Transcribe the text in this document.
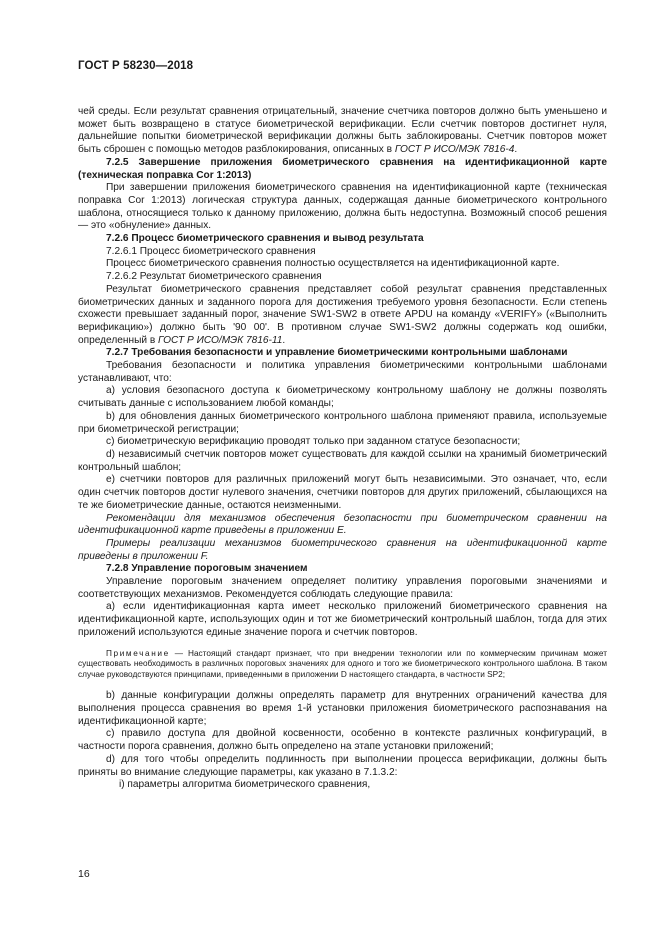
ГОСТ Р 58230—2018

чей среды. Если результат сравнения отрицательный, значение счетчика повторов должно быть уменьшено и может быть возвращено в статусе биометрической верификации. Если счетчик повторов достигнет нуля, дальнейшие попытки биометрической верификации должны быть заблокированы. Счетчик повторов может быть сброшен с помощью методов разблокирования, описанных в ГОСТ Р ИСО/МЭК 7816-4.

7.2.5 Завершение приложения биометрического сравнения на идентификационной карте (техническая поправка Cor 1:2013)

При завершении приложения биометрического сравнения на идентификационной карте (техническая поправка Cor 1:2013) логическая структура данных, содержащая данные биометрического контрольного шаблона, относящиеся только к данному приложению, должна быть недоступна. Возможный способ решения — это «обнуление» данных.

7.2.6 Процесс биометрического сравнения и вывод результата

7.2.6.1 Процесс биометрического сравнения

Процесс биометрического сравнения полностью осуществляется на идентификационной карте.

7.2.6.2 Результат биометрического сравнения

Результат биометрического сравнения представляет собой результат сравнения представленных биометрических данных и заданного порога для достижения требуемого уровня безопасности. Если степень схожести превышает заданный порог, значение SW1-SW2 в ответе APDU на команду «VERIFY» («Выполнить верификацию») должно быть '90 00'. В противном случае SW1-SW2 должны содержать код ошибки, определенный в ГОСТ Р ИСО/МЭК 7816-11.

7.2.7 Требования безопасности и управление биометрическими контрольными шаблонами

Требования безопасности и политика управления биометрическими контрольными шаблонами устанавливают, что:

a) условия безопасного доступа к биометрическому контрольному шаблону не должны позволять считывать данные с использованием любой команды;

b) для обновления данных биометрического контрольного шаблона применяют правила, используемые при биометрической регистрации;

c) биометрическую верификацию проводят только при заданном статусе безопасности;

d) независимый счетчик повторов может существовать для каждой ссылки на хранимый биометрический контрольный шаблон;

e) счетчики повторов для различных приложений могут быть независимыми. Это означает, что, если один счетчик повторов достиг нулевого значения, счетчики повторов для других приложений, сбылающихся на те же биометрические данные, остаются неизменными.

Рекомендации для механизмов обеспечения безопасности при биометрическом сравнении на идентификационной карте приведены в приложении E.

Примеры реализации механизмов биометрического сравнения на идентификационной карте приведены в приложении F.

7.2.8 Управление пороговым значением

Управление пороговым значением определяет политику управления пороговыми значениями и соответствующих механизмов. Рекомендуется соблюдать следующие правила:

a) если идентификационная карта имеет несколько приложений биометрического сравнения на идентификационной карте, использующих один и тот же биометрический контрольный шаблон, тогда для этих приложений используются единые значение порога и счетчик повторов.

Примечание — Настоящий стандарт признает, что при внедрении технологии или по коммерческим причинам может существовать необходимость в различных пороговых значениях для одного и того же биометрического контрольного шаблона. В таком случае руководствуются принципами, приведенными в приложении D настоящего стандарта, в частности SP2;

b) данные конфигурации должны определять параметр для внутренних ограничений качества для выполнения процесса сравнения во время 1-й установки приложения биометрического распознавания на идентификационной карте;

c) правило доступа для двойной косвенности, особенно в контексте различных конфигураций, в частности порога сравнения, должно быть определено на этапе установки приложений;

d) для того чтобы определить подлинность при выполнении процесса верификации, должны быть приняты во внимание следующие параметры, как указано в 7.1.3.2:

i) параметры алгоритма биометрического сравнения,

16
